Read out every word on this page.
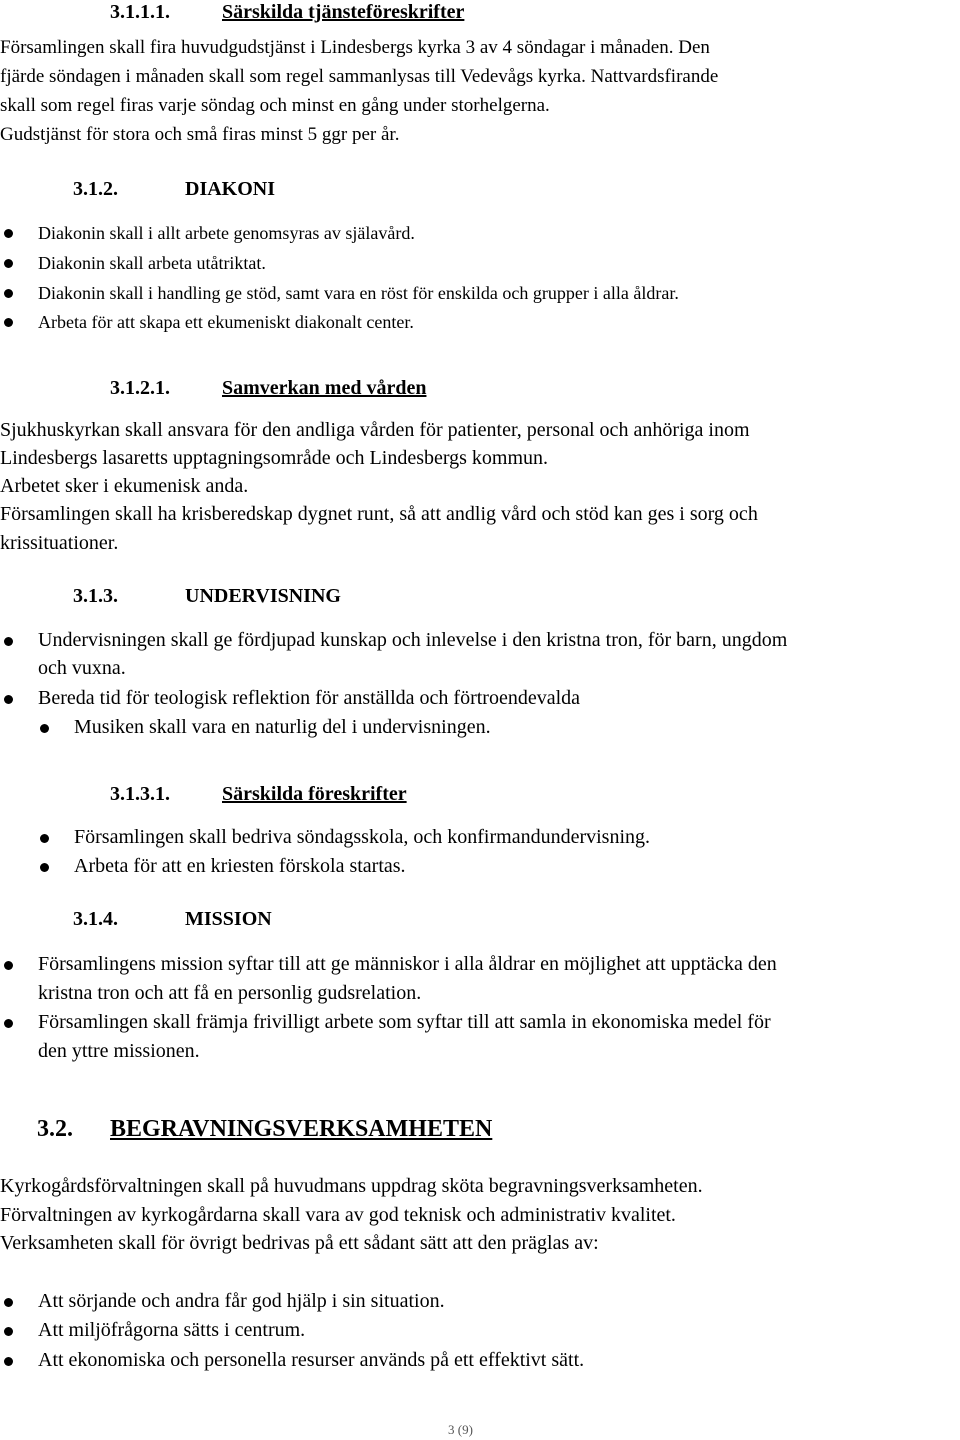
3.1.1.1.	Särskilda tjänsteföreskrifter
Församlingen skall fira huvudgudstjänst i Lindesbergs kyrka 3 av 4 söndagar i månaden. Den
fjärde söndagen i månaden skall som regel sammanlysas till Vedevågs kyrka. Nattvardsfirande
skall som regel firas varje söndag och minst en gång under storhelgerna.
Gudstjänst för stora och små firas minst 5 ggr per år.
3.1.2.	DIAKONI
Diakonin skall i allt arbete genomsyras av själavård.
Diakonin skall arbeta utåtriktat.
Diakonin skall i handling ge stöd, samt vara en röst för enskilda och grupper i alla åldrar.
Arbeta för att skapa ett ekumeniskt diakonalt center.
3.1.2.1.	Samverkan med vården
Sjukhuskyrkan skall ansvara för den andliga vården för patienter, personal och anhöriga inom
Lindesbergs lasaretts upptagningsområde och Lindesbergs kommun.
Arbetet sker i ekumenisk anda.
Församlingen skall ha krisberedskap dygnet runt, så att andlig vård och stöd kan ges i sorg och
krissituationer.
3.1.3.	UNDERVISNING
Undervisningen skall ge fördjupad kunskap och inlevelse i den kristna tron, för barn, ungdom
och vuxna.
Bereda tid för teologisk reflektion för anställda och förtroendevalda
Musiken skall vara en naturlig del i undervisningen.
3.1.3.1.	Särskilda föreskrifter
Församlingen skall bedriva söndagsskola, och konfirmandundervisning.
Arbeta för att en kriesten förskola startas.
3.1.4.	MISSION
Församlingens mission syftar till att ge människor i alla åldrar en möjlighet att upptäcka den
kristna tron och att få en personlig gudsrelation.
Församlingen skall främja frivilligt arbete som syftar till att samla in ekonomiska medel för
den yttre missionen.
3.2. BEGRAVNINGSVERKSAMHETEN
Kyrkogårdsförvaltningen skall på huvudmans uppdrag sköta begravningsverksamheten.
Förvaltningen av kyrkogårdarna skall vara av god teknisk och administrativ kvalitet.
Verksamheten skall för övrigt bedrivas på ett sådant sätt att den präglas av:
Att sörjande och andra får god hjälp i sin situation.
Att miljöfrågorna sätts i centrum.
Att ekonomiska och personella resurser används på ett effektivt sätt.
3 (9)
